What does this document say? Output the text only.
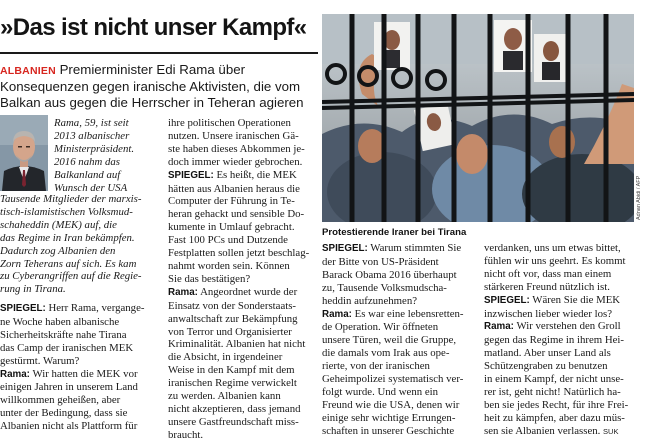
»Das ist nicht unser Kampf«
ALBANIEN Premierminister Edi Rama über Konsequenzen gegen iranische Aktivisten, die vom Balkan aus gegen die Herrscher in Teheran agieren
Rama, 59, ist seit
2013 albanischer
Ministerpräsident.
2016 nahm das
Balkanland auf
Wunsch der USA
Tausende Mitglieder der marxis-
tisch-islamistischen Volksmud-
schaheddin (MEK) auf, die
das Regime in Iran bekämpfen.
Dadurch zog Albanien den
Zorn Teherans auf sich. Es kam
zu Cyberangriffen auf die Regie-
rung in Tirana.
SPIEGEL: Herr Rama, vergange-
ne Woche haben albanische
Sicherheitskräfte nahe Tirana
das Camp der iranischen MEK
gestürmt. Warum?
Rama: Wir hatten die MEK vor
einigen Jahren in unserem Land
willkommen geheißen, aber
unter der Bedingung, dass sie
Albanien nicht als Plattform für
ihre politischen Operationen
nutzen. Unsere iranischen Gä-
ste haben dieses Abkommen je-
doch immer wieder gebrochen.
SPIEGEL: Es heißt, die MEK
hätten aus Albanien heraus die
Computer der Führung in Te-
heran gehackt und sensible Do-
kumente in Umlauf gebracht.
Fast 100 PCs und Dutzende
Festplatten sollen jetzt beschlag-
nahmt worden sein. Können
Sie das bestätigen?
Rama: Angeordnet wurde der
Einsatz von der Sonderstaats-
anwaltschaft zur Bekämpfung
von Terror und Organisierter
Kriminalität. Albanien hat nicht
die Absicht, in irgendeiner
Weise in den Kampf mit dem
iranischen Regime verwickelt
zu werden. Albanien kann
nicht akzeptieren, dass jemand
unsere Gastfreundschaft miss-
braucht.
Adnan Abidi / AFP
Protestierende Iraner bei Tirana
SPIEGEL: Warum stimmten Sie
der Bitte von US-Präsident
Barack Obama 2016 überhaupt
zu, Tausende Volksmudscha-
heddin aufzunehmen?
Rama: Es war eine lebensretten-
de Operation. Wir öffneten
unsere Türen, weil die Gruppe,
die damals vom Irak aus ope-
rierte, von der iranischen
Geheimpolizei systematisch ver-
folgt wurde. Und wenn ein
Freund wie die USA, denen wir
einige sehr wichtige Errungen-
schaften in unserer Geschichte
verdanken, uns um etwas bittet,
fühlen wir uns geehrt. Es kommt
nicht oft vor, dass man einem
stärkeren Freund nützlich ist.
SPIEGEL: Wären Sie die MEK
inzwischen lieber wieder los?
Rama: Wir verstehen den Groll
gegen das Regime in ihrem Hei-
matland. Aber unser Land als
Schützengraben zu benutzen
in einem Kampf, der nicht unse-
rer ist, geht nicht! Natürlich ha-
ben sie jedes Recht, für ihre Frei-
heit zu kämpfen, aber dazu müs-
sen sie Albanien verlassen. SUK
